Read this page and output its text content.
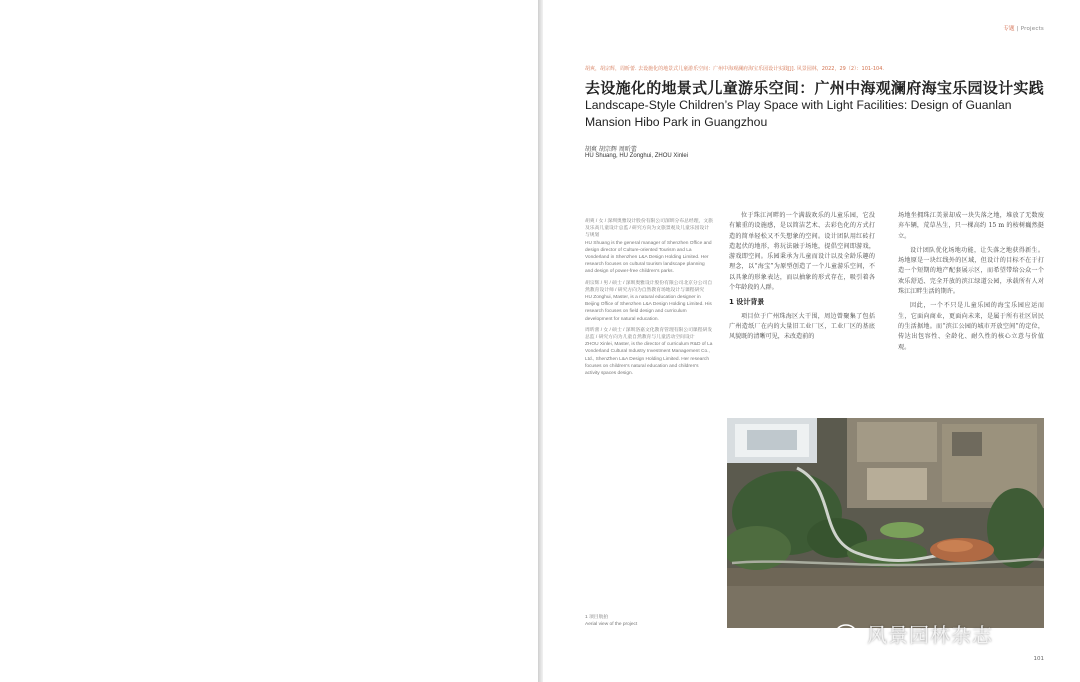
专题 | Projects
胡爽，胡宗辉，周昕蕾. 去设施化的地景式儿童游乐空间：广州中海观澜府海宝乐园设计实践[J]. 风景园林，2022，29（2）：101-104.
去设施化的地景式儿童游乐空间：广州中海观澜府海宝乐园设计实践
Landscape-Style Children’s Play Space with Light Facilities: Design of Guanlan Mansion Hibo Park in Guangzhou
胡爽 胡宗辉 周昕蕾
HU Shuang, HU Zonghui, ZHOU Xinlei

胡爽 / 女 / 深圳奥雅设计股份有限公司深圳分布总经理，文旅及乐高儿童设计总监 / 研究方向为文旅景观及儿童乐园设计与规划

HU Shuang is the general manager of Shenzhen Office and design director of Culture-oriented Tourism and La Vonderland in Shenzhen L&A Design Holding Limited. Her research focuses on cultural tourism landscape planning and design of power-free children's parks.

胡宗辉 / 男 / 硕士 / 深圳奥雅设计股份有限公司北京分公司自然教育设计师 / 研究方向为自然教育场地设计与课程研究

HU Zonghui, Master, is a natural education designer in Beijing Office of Shenzhen L&A Design Holding Limited. His research focuses on field design and curriculum development for natural education.

周昕蕾 / 女 / 硕士 / 深圳洛嘉文化教育管理有限公司课程研发总监 / 研究方向为儿童自然教育与儿童活动空间设计

ZHOU Xinlei, Master, is the director of curriculum R&D of La Vonderland Cultural Industry Investment Management Co., Ltd., ShenZhen L&A Design Holding Limited. Her research focuses on children's natural education and children's activity spaces design.

位于珠江河畔的一个满载欢乐的儿童乐园，它没有繁重的设施感，是以简洁艺术、去彩色化的方式打造的简单轻松又不失想象的空间。设计团队用红砖打造起伏的地形，将玩法融于场地，提倡空间即游戏，游戏即空间。乐园秉承为儿童而设计以及全龄乐趣的理念，以“海宝”为原型创造了一个儿童游乐空间，不以具象的形象表达，而以抽象的形式存在，吸引着各个年龄段的人群。

1 设计背景

项目位于广州珠海区大干围，周边曾聚集了包括广州造纸厂在内的大量旧工业厂区，工业厂区的基底风貌既的清晰可见，未改造前的

场地坐拥珠江美景却成一块失落之地，堆放了无数废弃车辆，荒草丛生，只一棵高约 15 m 的桉树巍然挺立。

设计团队优化场地功能，让失落之地获得新生。场地原是一块红线外的区域，但设计的目标不在于打造一个短期的地产配套展示区，而希望带给公众一个欢乐舒适、完全开放的滨江绿道公园，承载所有人对珠江江畔生活的期许。

因此，一个不只是儿童乐园的海宝乐园应运而生，它面向商业，更面向未来，是属于所有社区居民的生活据地。而“滨江公园的城市开放空间”的定位，传达出包容性、全龄化、耐久性的核心立意与价值观。

1 项目航拍
Aerial view of the project	风景园林杂志
101
